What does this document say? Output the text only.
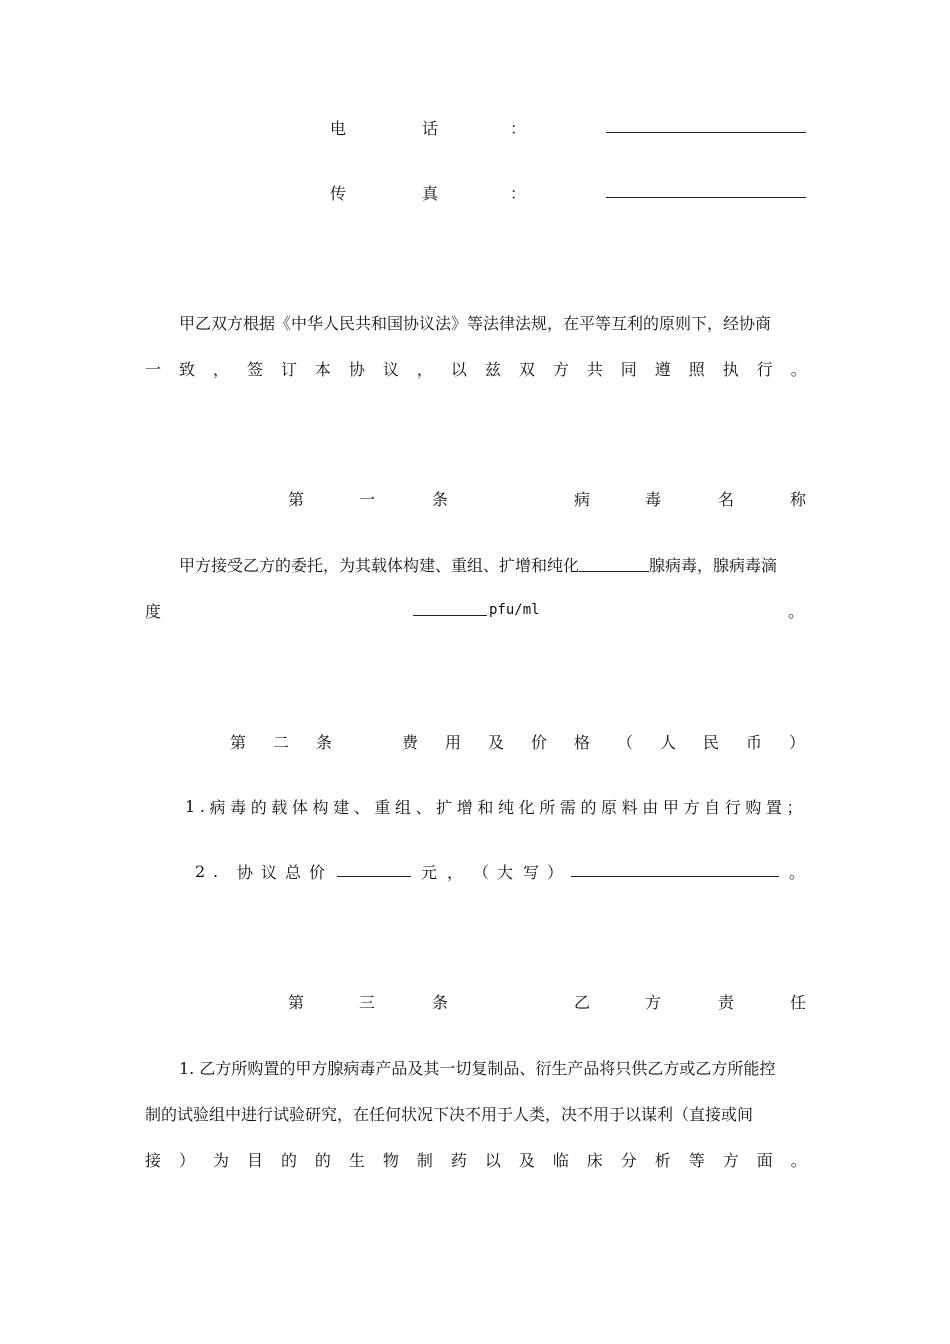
电	话	：
传	真	：
甲乙双方根据《中华人民共和国协议法》等法律法规，在平等互利的原则下，经协商
一 致 ， 签 订 本 协 议 ， 以 兹 双 方 共 同 遵 照 执 行 。
第	一	条	病	毒	名	称
甲方接受乙方的委托，为其载体构建、重组、扩增和纯化	腺病毒，腺病毒滴
度	pfu/ml	。
第 二 条	费 用 及 价 格 （ 人 民 币 ）
1 . 病 毒 的 载 体 构 建 、 重 组 、 扩 增 和 纯 化 所 需 的 原 料 由 甲 方 自 行 购 置 ；
2 . 协 议 总 价	元 ， （ 大 写 ）	。
第	三	条	乙	方	责	任
1. 乙方所购置的甲方腺病毒产品及其一切复制品、衍生产品将只供乙方或乙方所能控
制的试验组中进行试验研究，在任何状况下决不用于人类，决不用于以谋利（直接或间
接 ） 为 目 的 的 生 物 制 药 以 及 临 床 分 析 等 方 面 。
